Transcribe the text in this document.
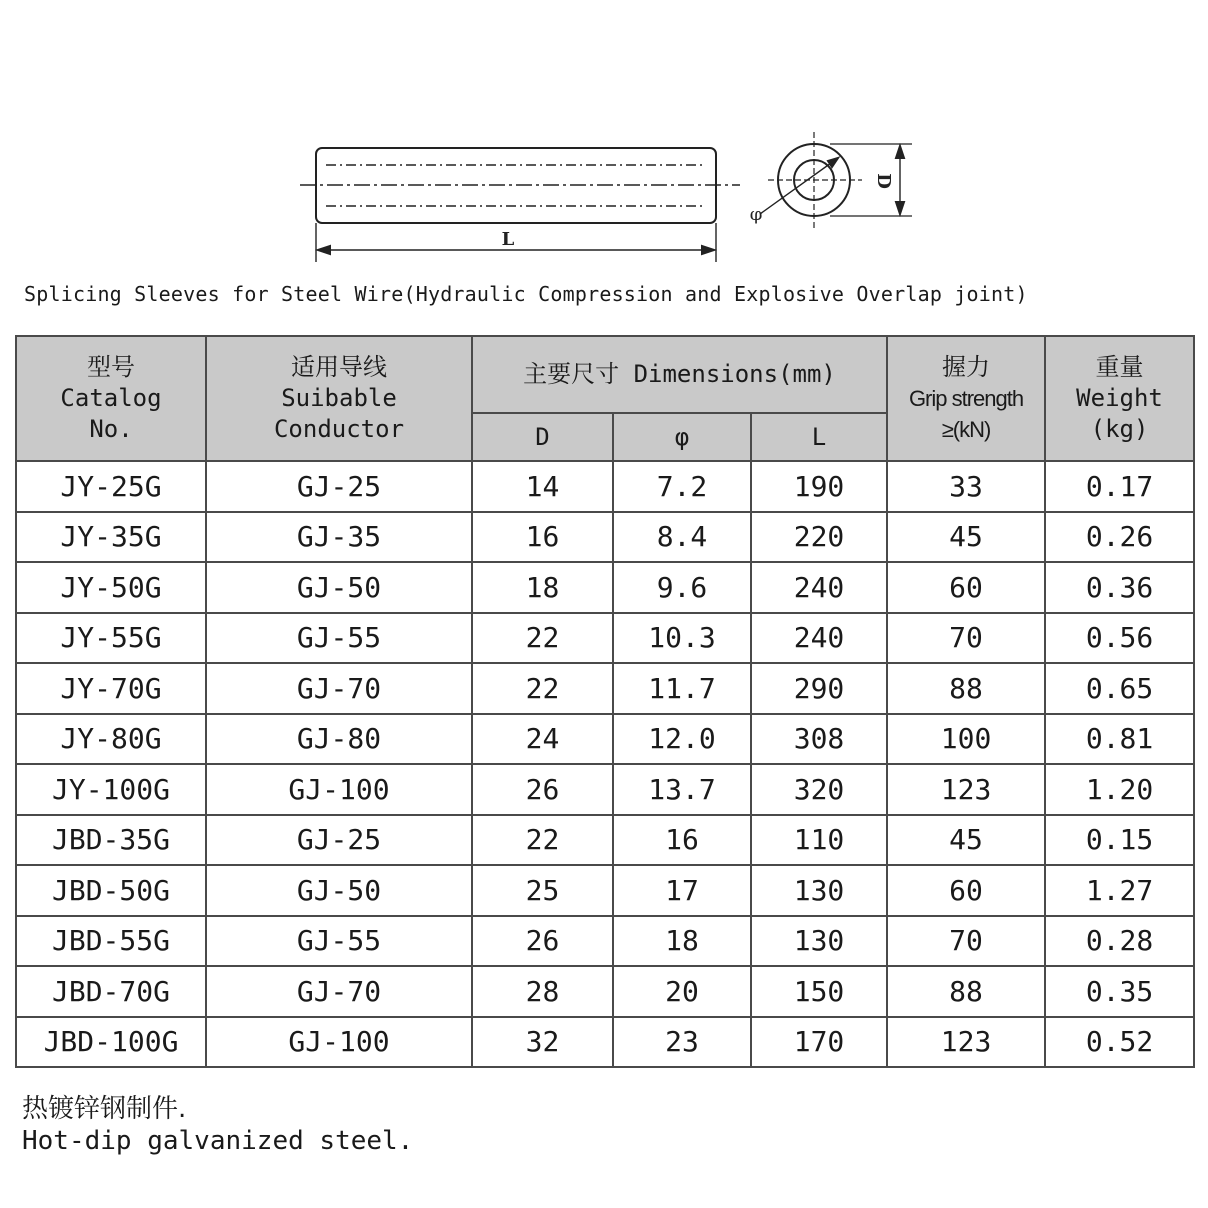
L
D
φ
Splicing Sleeves for Steel Wire(Hydraulic Compression and Explosive Overlap joint)
型号
Catalog
No.	适用导线
Suibable
Conductor	主要尺寸 Dimensions(mm)			握力
Grip strength
≥(kN)	重量
Weight
(kg)

		D	φ	L		
JY-25G	GJ-25	14	7.2	190	33	0.17
JY-35G	GJ-35	16	8.4	220	45	0.26
JY-50G	GJ-50	18	9.6	240	60	0.36
JY-55G	GJ-55	22	10.3	240	70	0.56
JY-70G	GJ-70	22	11.7	290	88	0.65
JY-80G	GJ-80	24	12.0	308	100	0.81
JY-100G	GJ-100	26	13.7	320	123	1.20
JBD-35G	GJ-25	22	16	110	45	0.15
JBD-50G	GJ-50	25	17	130	60	1.27
JBD-55G	GJ-55	26	18	130	70	0.28
JBD-70G	GJ-70	28	20	150	88	0.35
JBD-100G	GJ-100	32	23	170	123	0.52
热镀锌钢制件.
Hot-dip galvanized steel.
